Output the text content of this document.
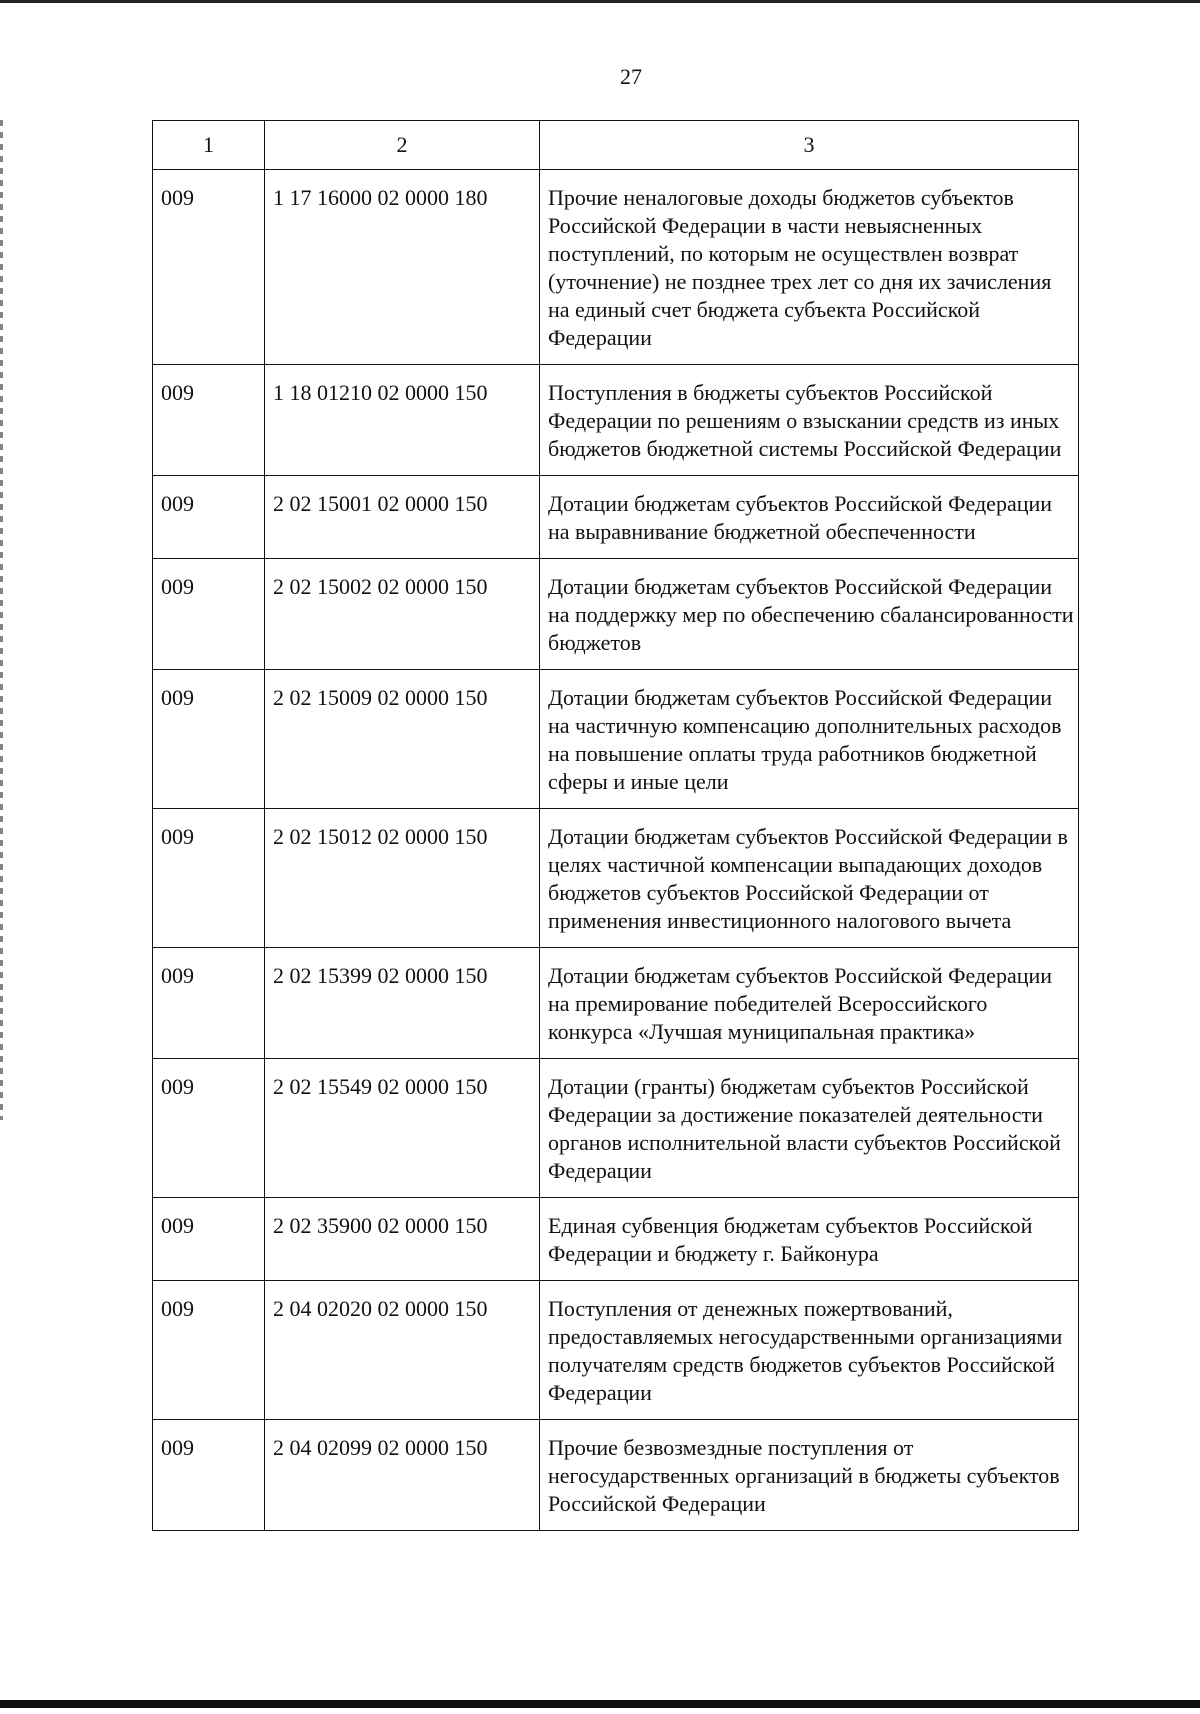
27
1	2	3
009	1 17 16000 02 0000 180	Прочие неналоговые доходы бюджетов субъектов Российской Федерации в части невыясненных поступлений, по которым не осуществлен возврат (уточнение) не позднее трех лет со дня их зачисления на единый счет бюджета субъекта Российской Федерации
009	1 18 01210 02 0000 150	Поступления в бюджеты субъектов Российской Федерации по решениям о взыскании средств из иных бюджетов бюджетной системы Российской Федерации
009	2 02 15001 02 0000 150	Дотации бюджетам субъектов Российской Федерации на выравнивание бюджетной обеспеченности
009	2 02 15002 02 0000 150	Дотации бюджетам субъектов Российской Федерации на поддержку мер по обеспечению сбалансированности бюджетов
009	2 02 15009 02 0000 150	Дотации бюджетам субъектов Российской Федерации на частичную компенсацию дополнительных расходов на повышение оплаты труда работников бюджетной сферы и иные цели
009	2 02 15012 02 0000 150	Дотации бюджетам субъектов Российской Федерации в целях частичной компенсации выпадающих доходов бюджетов субъектов Российской Федерации от применения инвестиционного налогового вычета
009	2 02 15399 02 0000 150	Дотации бюджетам субъектов Российской Федерации на премирование победителей Всероссийского конкурса «Лучшая муниципальная практика»
009	2 02 15549 02 0000 150	Дотации (гранты) бюджетам субъектов Российской Федерации за достижение показателей деятельности органов исполнительной власти субъектов Российской Федерации
009	2 02 35900 02 0000 150	Единая субвенция бюджетам субъектов Российской Федерации и бюджету г. Байконура
009	2 04 02020 02 0000 150	Поступления от денежных пожертвований, предоставляемых негосударственными организациями получателям средств бюджетов субъектов Российской Федерации
009	2 04 02099 02 0000 150	Прочие безвозмездные поступления от негосударственных организаций в бюджеты субъектов Российской Федерации
